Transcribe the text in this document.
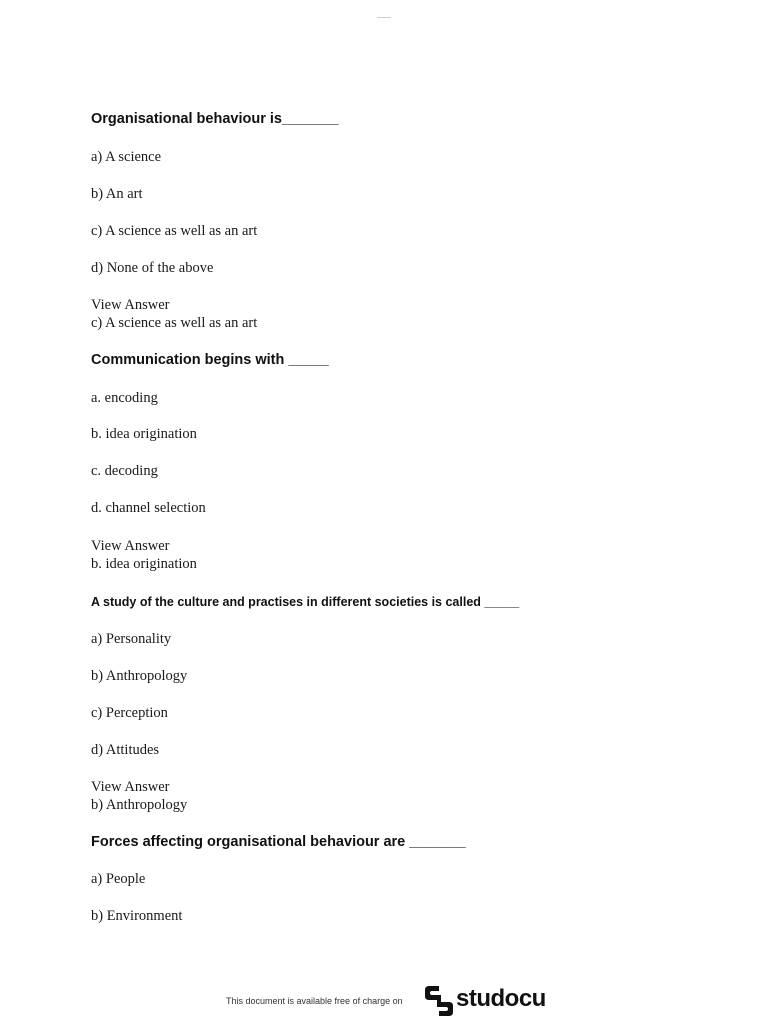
Organisational behaviour is_______
a) A science
b) An art
c) A science as well as an art
d) None of the above
View Answer
c) A science as well as an art
Communication begins with _____
a. encoding
b. idea origination
c. decoding
d. channel selection
View Answer
b. idea origination
A study of the culture and practises in different societies is called _____
a) Personality
b) Anthropology
c) Perception
d) Attitudes
View Answer
b) Anthropology
Forces affecting organisational behaviour are _______
a) People
b) Environment
This document is available free of charge on studocu
